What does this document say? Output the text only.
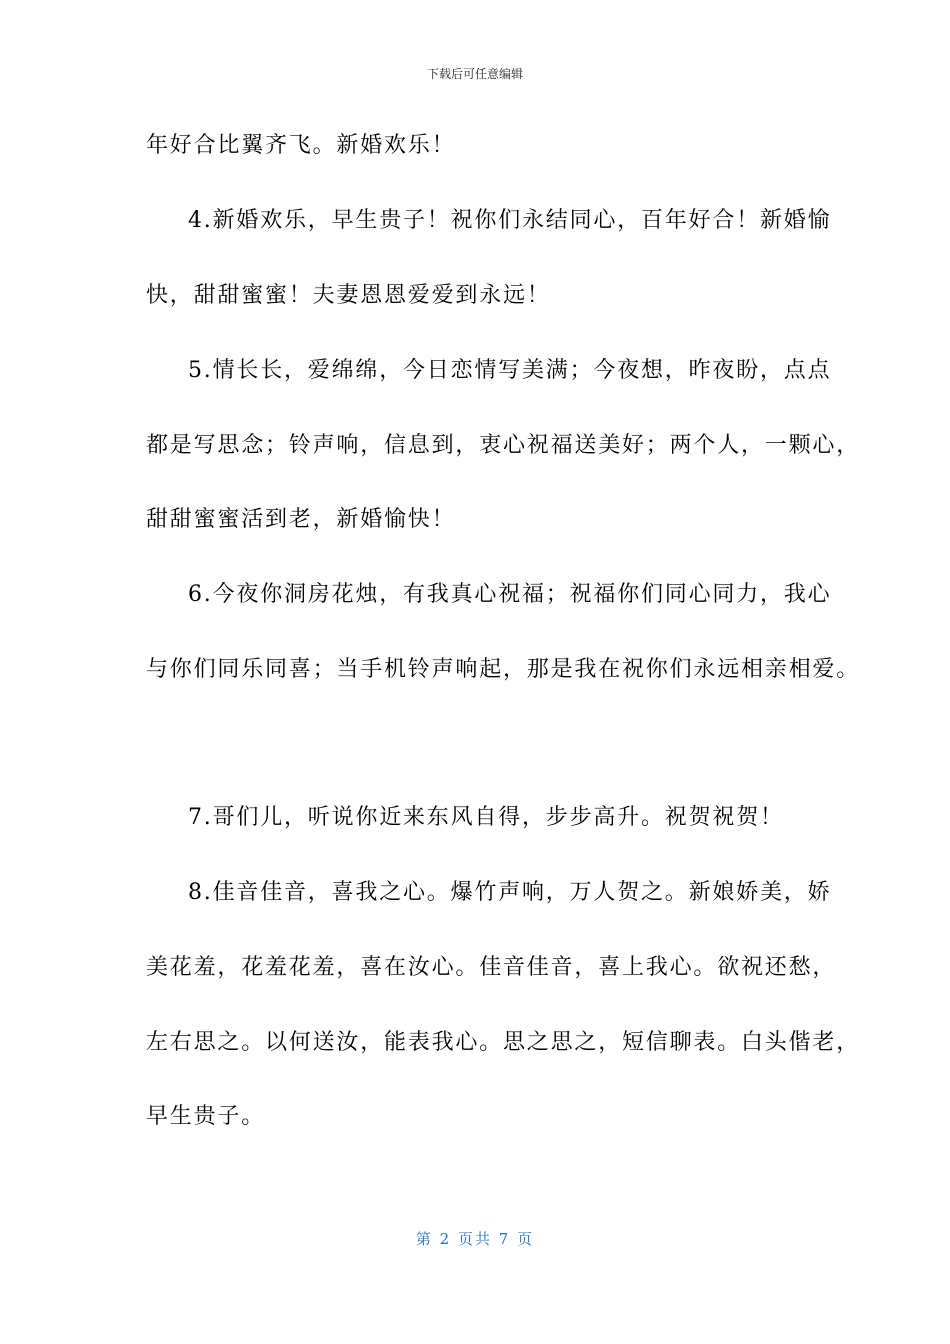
下载后可任意编辑
年好合比翼齐飞。新婚欢乐！
4.新婚欢乐，早生贵子！祝你们永结同心，百年好合！新婚愉
快，甜甜蜜蜜！夫妻恩恩爱爱到永远！
5.情长长，爱绵绵，今日恋情写美满；今夜想，昨夜盼，点点
都是写思念；铃声响，信息到，衷心祝福送美好；两个人，一颗心，
甜甜蜜蜜活到老，新婚愉快！
6.今夜你洞房花烛，有我真心祝福；祝福你们同心同力，我心
与你们同乐同喜；当手机铃声响起，那是我在祝你们永远相亲相爱。
7.哥们儿，听说你近来东风自得，步步高升。祝贺祝贺！
8.佳音佳音，喜我之心。爆竹声响，万人贺之。新娘娇美，娇
美花羞，花羞花羞，喜在汝心。佳音佳音，喜上我心。欲祝还愁，
左右思之。以何送汝，能表我心。思之思之，短信聊表。白头偕老，
早生贵子。
第 2 页共 7 页
